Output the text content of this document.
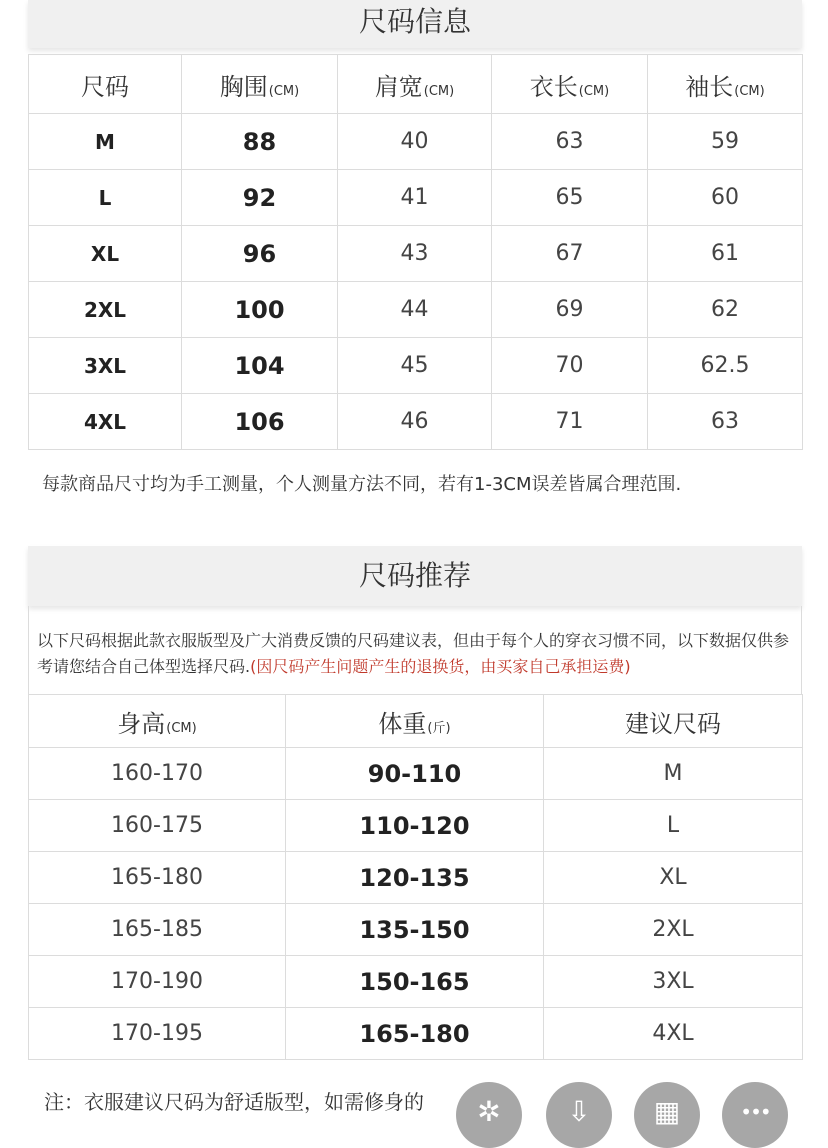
尺码信息
尺码	胸围(CM)	肩宽(CM)	衣长(CM)	袖长(CM)
M	88	40	63	59
L	92	41	65	60
XL	96	43	67	61
2XL	100	44	69	62
3XL	104	45	70	62.5
4XL	106	46	71	63
每款商品尺寸均为手工测量，个人测量方法不同，若有1-3CM误差皆属合理范围.
尺码推荐
以下尺码根据此款衣服版型及广大消费反馈的尺码建议表，但由于每个人的穿衣习惯不同，以下数据仅供参考请您结合自己体型选择尺码.(因尺码产生问题产生的退换货，由买家自己承担运费)
身高(CM)	体重(斤)	建议尺码
160-170	90-110	M
160-175	110-120	L
165-180	120-135	XL
165-185	135-150	2XL
170-190	150-165	3XL
170-195	165-180	4XL
注：衣服建议尺码为舒适版型，如需修身的	✲	⇩	▦	•••
